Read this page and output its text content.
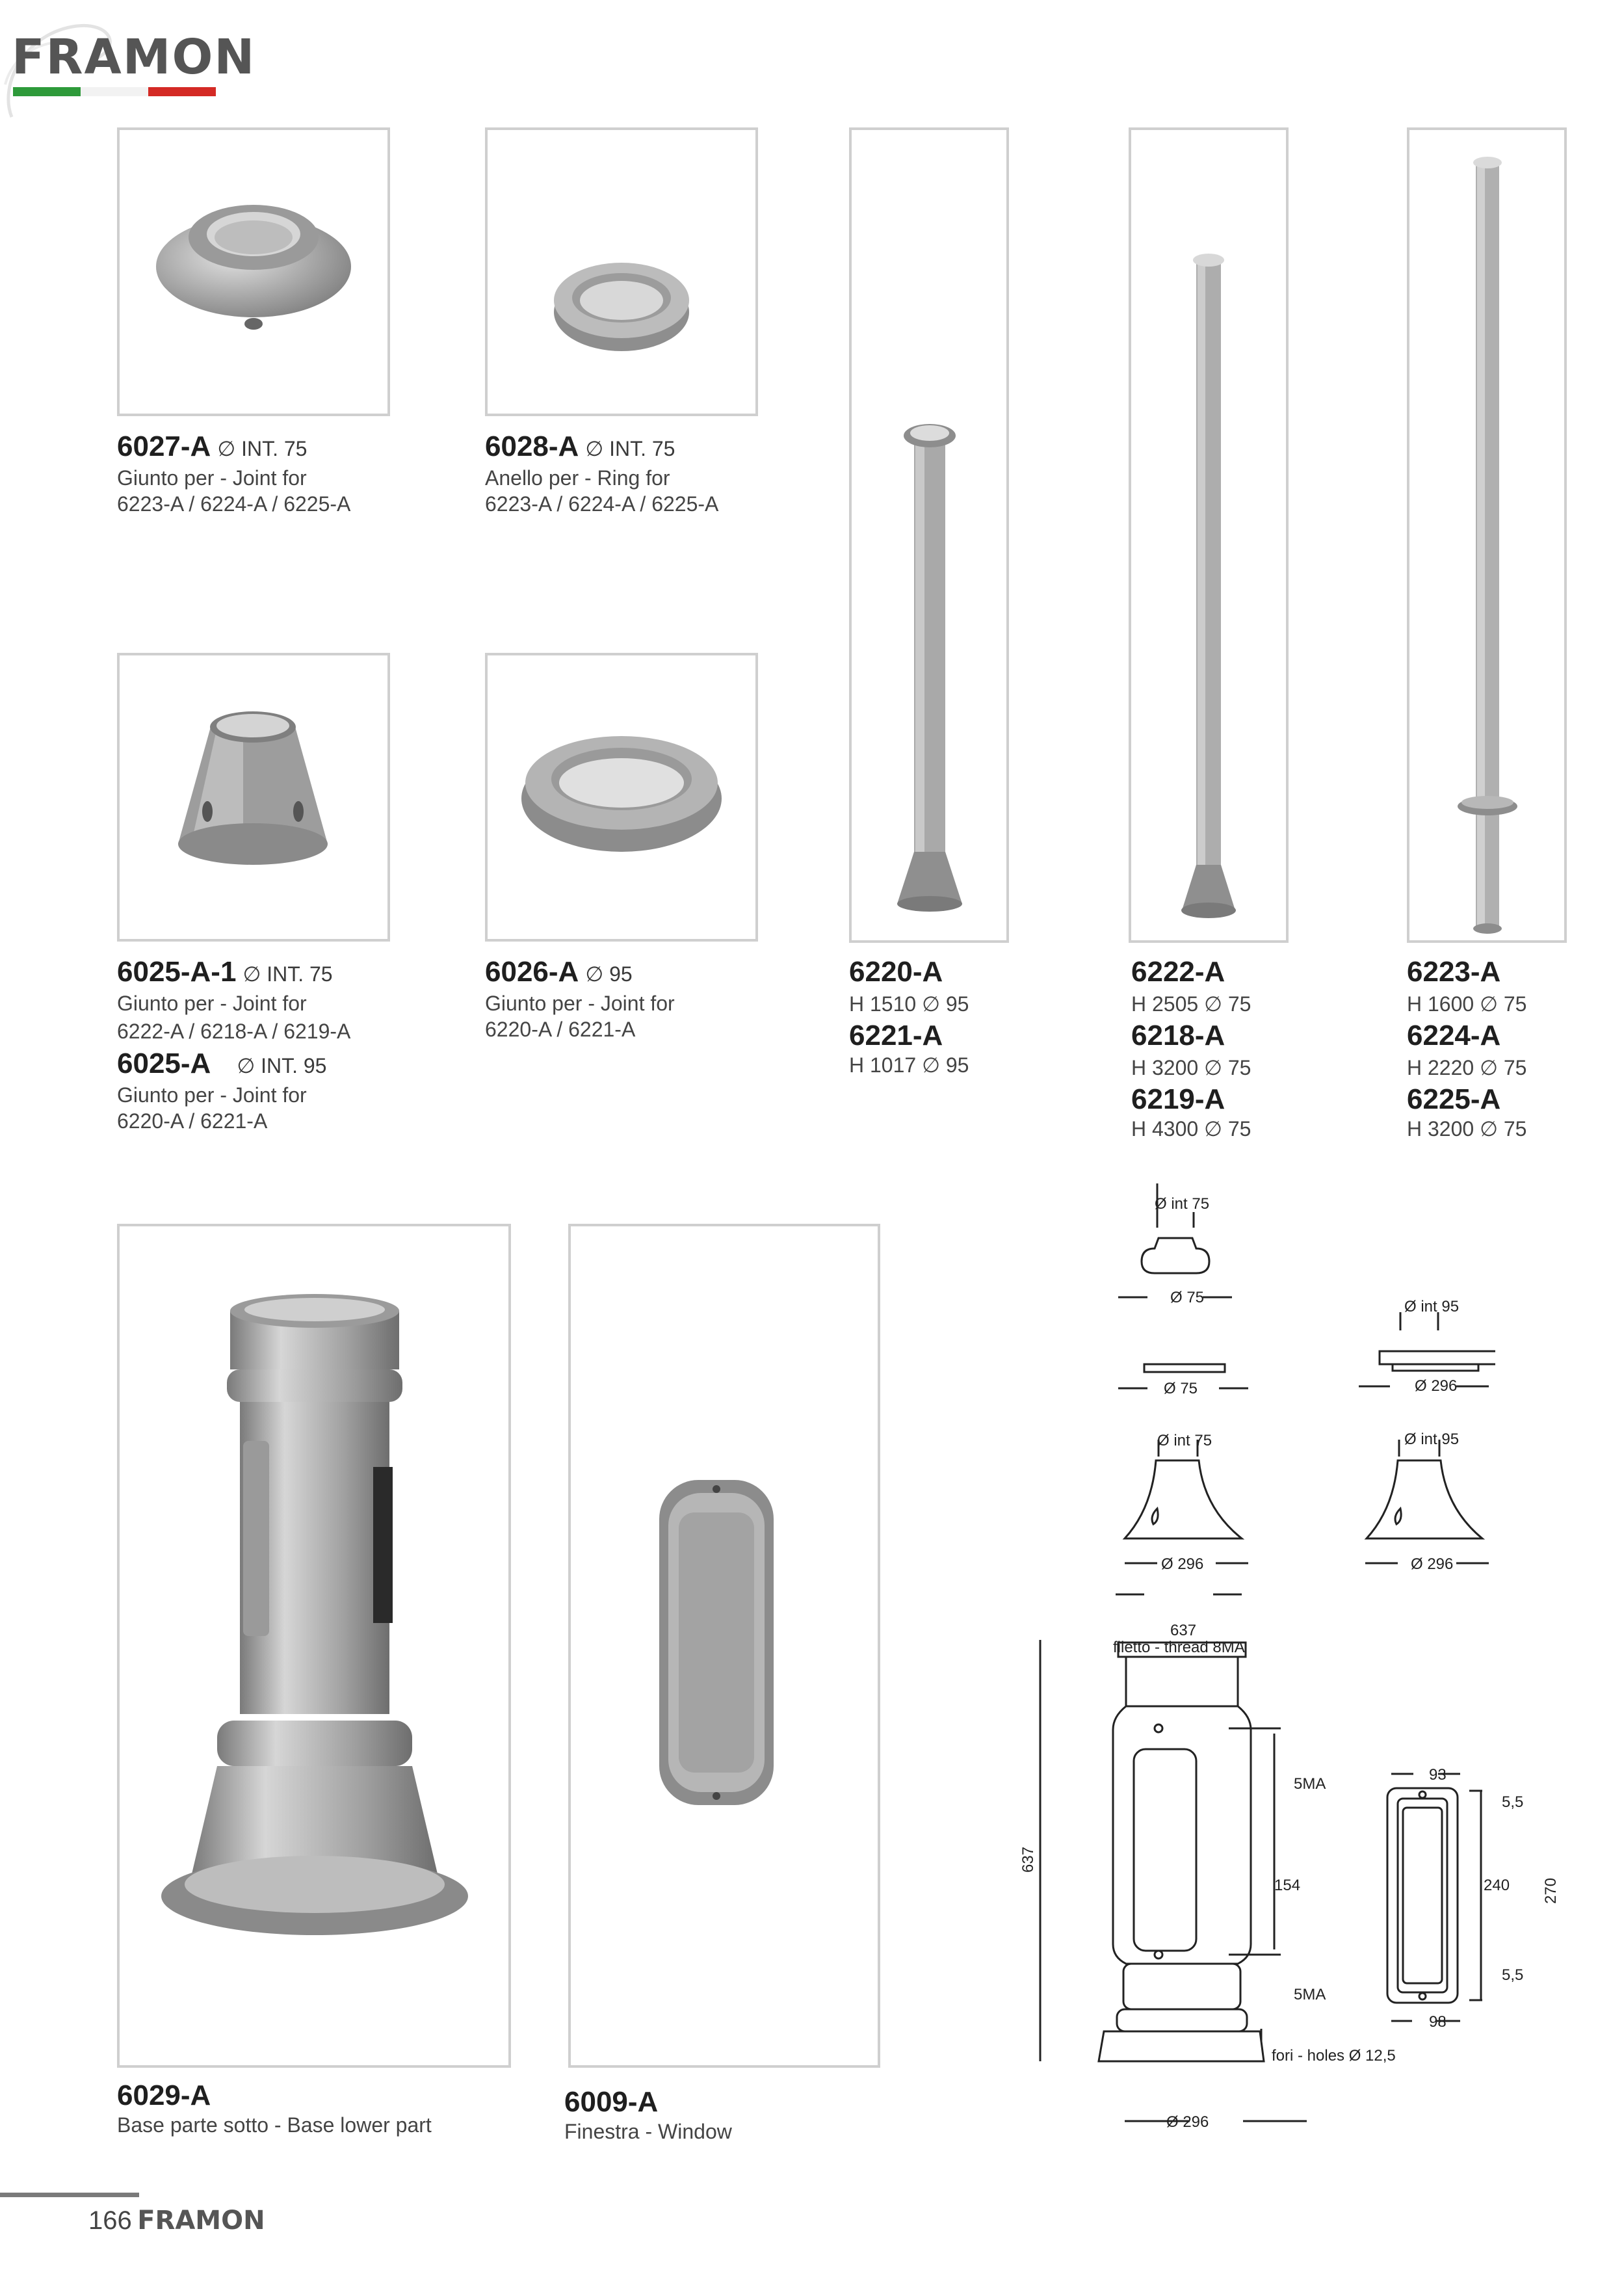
FRAMON
6027-A ∅ INT. 75
Giunto per - Joint for
6223-A / 6224-A / 6225-A
6028-A ∅ INT. 75
Anello per - Ring for
6223-A / 6224-A / 6225-A
6025-A-1 ∅ INT. 75
Giunto per - Joint for
6222-A / 6218-A / 6219-A
6025-A ∅ INT. 95
Giunto per - Joint for
6220-A / 6221-A
6026-A ∅ 95
Giunto per - Joint for
6220-A / 6221-A
6220-A
H 1510 ∅ 95
6221-A
H 1017 ∅ 95
6222-A
H 2505 ∅ 75
6218-A
H 3200 ∅ 75
6219-A
H 4300 ∅ 75
6223-A
H 1600 ∅ 75
6224-A
H 2220 ∅ 75
6225-A
H 3200 ∅ 75
6029-A
Base parte sotto - Base lower part
6009-A
Finestra - Window
Ø int 75
Ø 75
Ø 75
Ø int 95
Ø 296
Ø int 75
Ø 296
Ø int 95
Ø 296
637
filetto - thread 8MA
637
5MA
154
5MA
fori - holes Ø 12,5
Ø 296
93
5,5
240 270
5,5
98
166 FRAMON
